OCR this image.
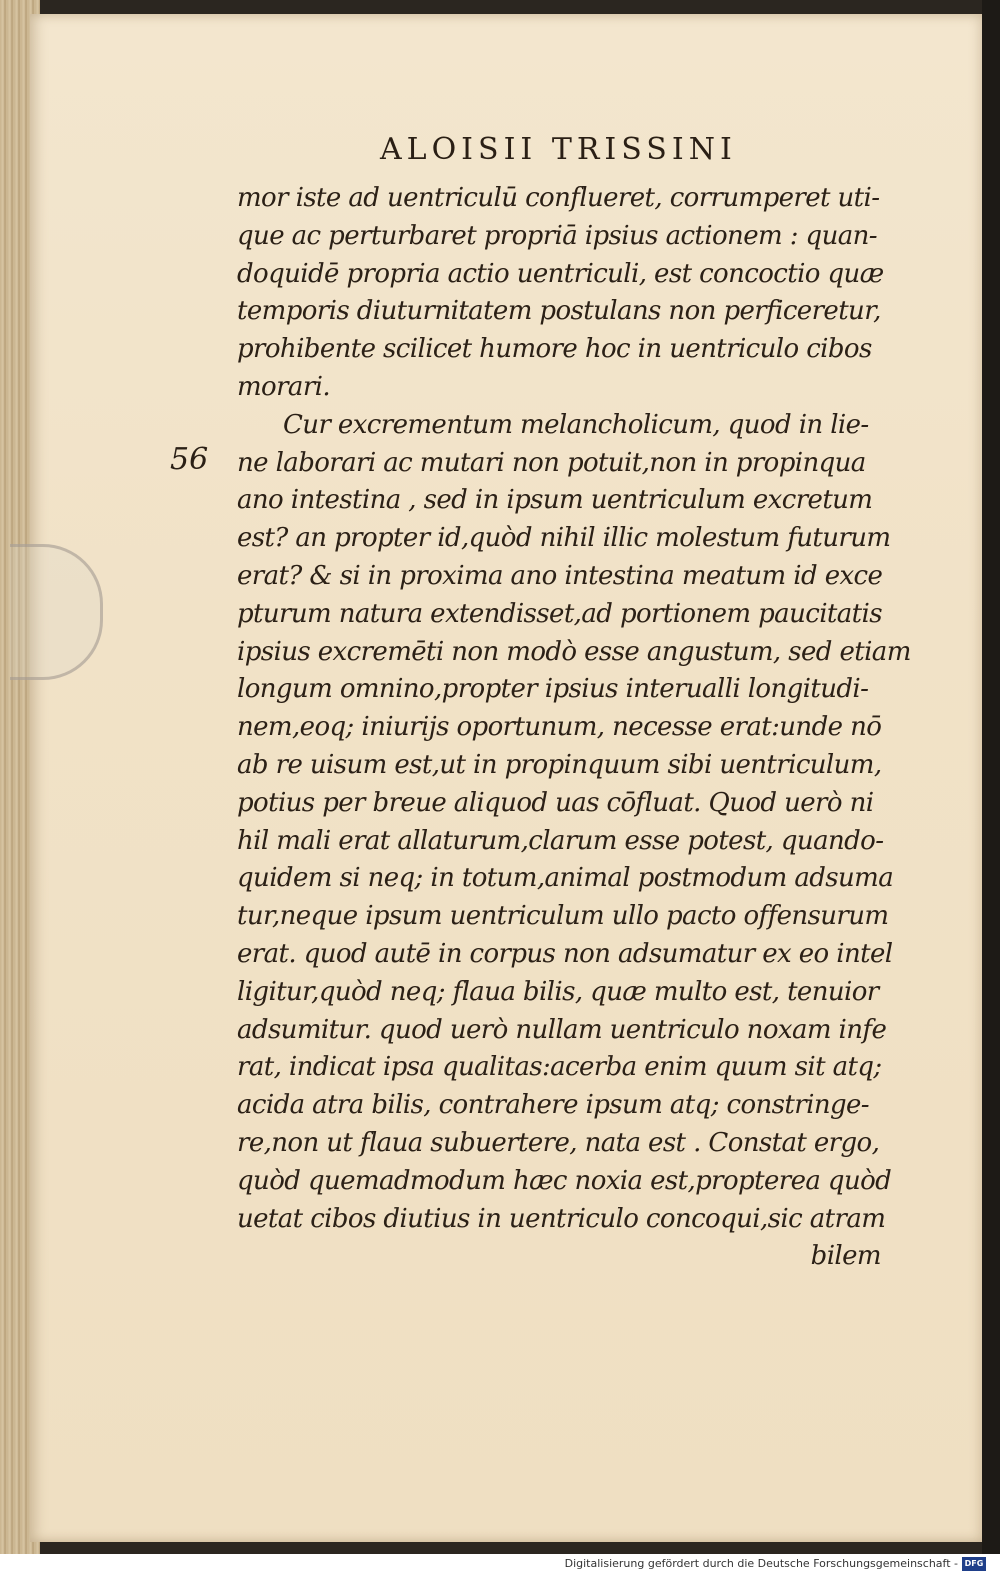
ALOISII TRISSINI
56
mor iste ad uentriculū conflueret, corrumperet uti-
que ac perturbaret propriā ipsius actionem : quan-
doquidē propria actio uentriculi, est concoctio quæ
temporis diuturnitatem postulans non perficeretur,
prohibente scilicet humore hoc in uentriculo cibos
morari.
Cur excrementum melancholicum, quod in lie-
ne laborari ac mutari non potuit,non in propinqua
ano intestina , sed in ipsum uentriculum excretum
est? an propter id,quòd nihil illic molestum futurum
erat? & si in proxima ano intestina meatum id exce
pturum natura extendisset,ad portionem paucitatis
ipsius excremēti non modò esse angustum, sed etiam
longum omnino,propter ipsius interualli longitudi-
nem,eoq; iniurijs oportunum, necesse erat:unde nō
ab re uisum est,ut in propinquum sibi uentriculum,
potius per breue aliquod uas cōfluat. Quod uerò ni
hil mali erat allaturum,clarum esse potest, quando-
quidem si neq; in totum,animal postmodum adsuma
tur,neque ipsum uentriculum ullo pacto offensurum
erat. quod autē in corpus non adsumatur ex eo intel
ligitur,quòd neq; flaua bilis, quæ multo est, tenuior
adsumitur. quod uerò nullam uentriculo noxam infe
rat, indicat ipsa qualitas:acerba enim quum sit atq;
acida atra bilis, contrahere ipsum atq; constringe-
re,non ut flaua subuertere, nata est . Constat ergo,
quòd quemadmodum hæc noxia est,propterea quòd
uetat cibos diutius in uentriculo concoqui,sic atram
bilem
Digitalisierung gefördert durch die Deutsche Forschungsgemeinschaft - DFG
